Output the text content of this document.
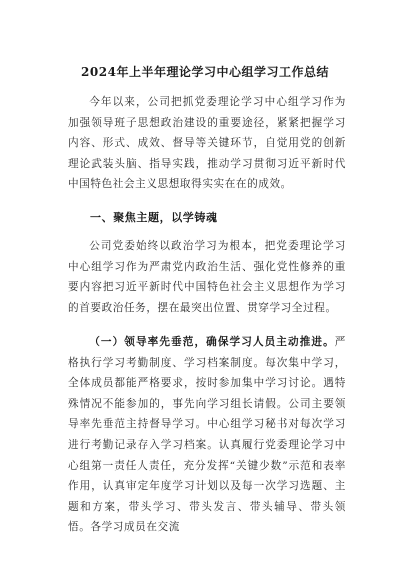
2024年上半年理论学习中心组学习工作总结
今年以来，公司把抓党委理论学习中心组学习作为加强领导班子思想政治建设的重要途径，紧紧把握学习内容、形式、成效、督导等关键环节，自觉用党的创新理论武装头脑、指导实践，推动学习贯彻习近平新时代中国特色社会主义思想取得实实在在的成效。
一、聚焦主题，以学铸魂
公司党委始终以政治学习为根本，把党委理论学习中心组学习作为严肃党内政治生活、强化党性修养的重要内容把习近平新时代中国特色社会主义思想作为学习的首要政治任务，摆在最突出位置、贯穿学习全过程。
（一）领导率先垂范，确保学习人员主动推进。严格执行学习考勤制度、学习档案制度。每次集中学习，全体成员都能严格要求，按时参加集中学习讨论。遇特殊情况不能参加的，事先向学习组长请假。公司主要领导率先垂范主持督导学习。中心组学习秘书对每次学习进行考勤记录存入学习档案。认真履行党委理论学习中心组第一责任人责任，充分发挥“关键少数”示范和表率作用，认真审定年度学习计划以及每一次学习选题、主题和方案，带头学习、带头发言、带头辅导、带头领悟。各学习成员在交流
